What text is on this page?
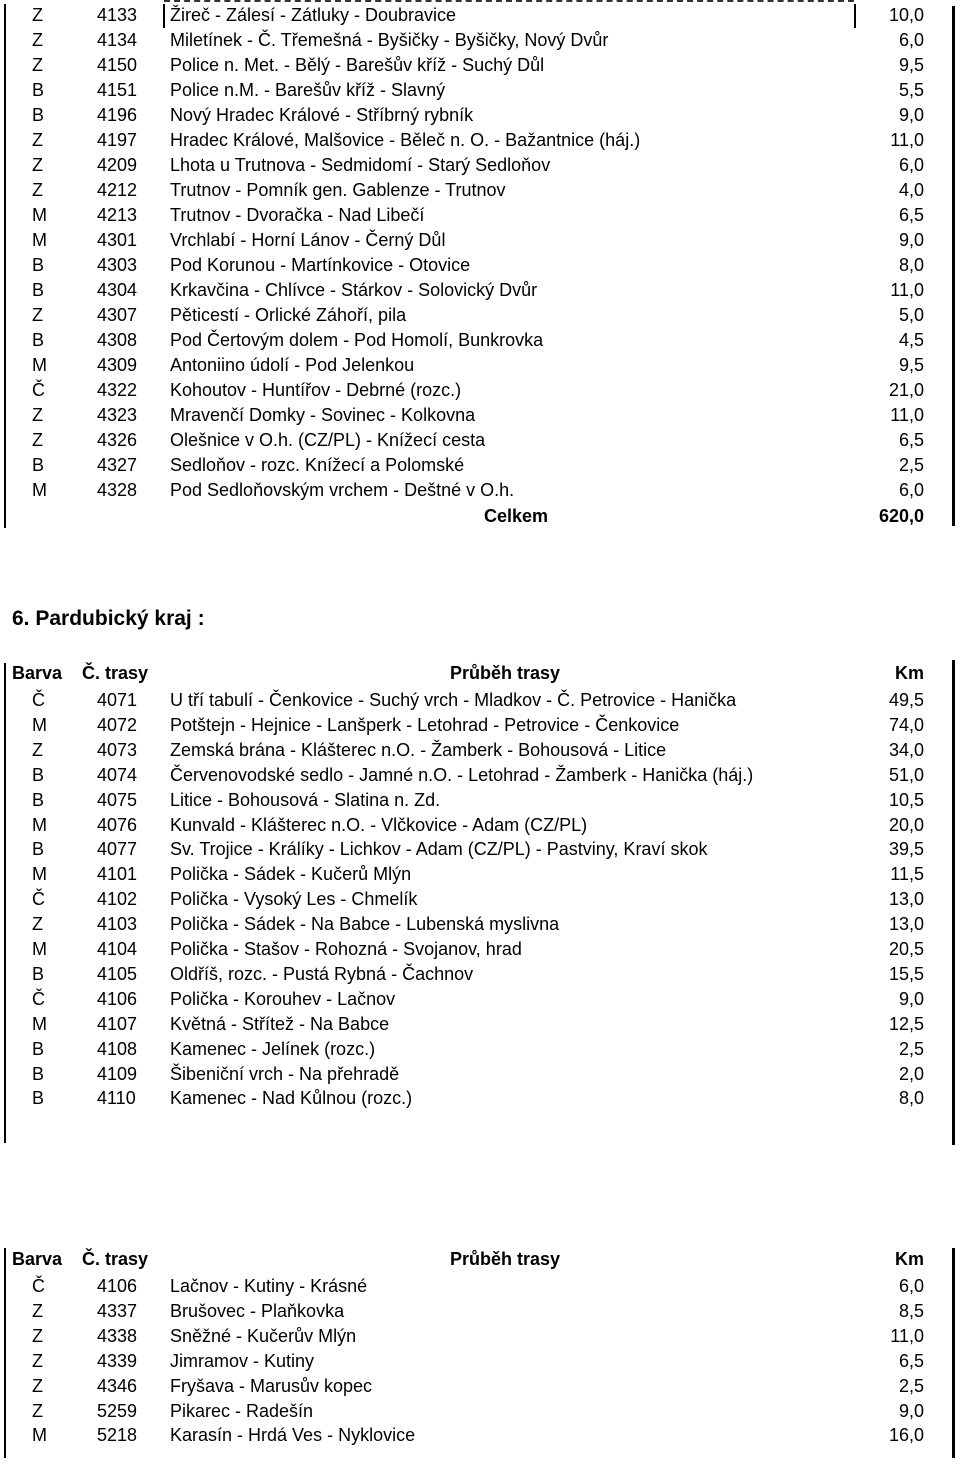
Z	4133 Žireč - Zálesí - Zátluky - Doubravice	10,0
Z	4134 Miletínek - Č. Třemešná - Byšičky - Byšičky, Nový Dvůr	6,0
Z	4150 Police n. Met. - Bělý - Barešův kříž - Suchý Důl	9,5
B	4151 Police n.M. - Barešův kříž - Slavný	5,5
B	4196 Nový Hradec Králové - Stříbrný rybník	9,0
Z	4197 Hradec Králové, Malšovice - Běleč n. O. - Bažantnice (háj.)	11,0
Z	4209 Lhota u Trutnova - Sedmidomí - Starý Sedloňov	6,0
Z	4212 Trutnov - Pomník gen. Gablenze - Trutnov	4,0
M	4213 Trutnov - Dvoračka - Nad Libečí	6,5
M	4301 Vrchlabí - Horní Lánov - Černý Důl	9,0
B	4303 Pod Korunou - Martínkovice - Otovice	8,0
B	4304 Krkavčina - Chlívce - Stárkov - Solovický Dvůr	11,0
Z	4307 Pěticestí - Orlické Záhoří, pila	5,0
B	4308 Pod Čertovým dolem - Pod Homolí, Bunkrovka	4,5
M	4309 Antoniino údolí - Pod Jelenkou	9,5
Č	4322 Kohoutov - Huntířov - Debrné (rozc.)	21,0
Z	4323 Mravenčí Domky - Sovinec - Kolkovna	11,0
Z	4326 Olešnice v O.h. (CZ/PL) - Knížecí cesta	6,5
B	4327 Sedloňov - rozc. Knížecí a Polomské	2,5
M	4328 Pod Sedloňovským vrchem - Deštné v O.h.	6,0
Celkem	620,0
6. Pardubický kraj :
Barva Č. trasy	Průběh trasy	Km
Č	4071 U tří tabulí - Čenkovice - Suchý vrch - Mladkov - Č. Petrovice - Hanička	49,5
M	4072 Potštejn - Hejnice - Lanšperk - Letohrad - Petrovice - Čenkovice	74,0
Z	4073 Zemská brána - Klášterec n.O. - Žamberk - Bohousová - Litice	34,0
B	4074 Červenovodské sedlo - Jamné n.O. - Letohrad - Žamberk - Hanička (háj.)	51,0
B	4075 Litice - Bohousová - Slatina n. Zd.	10,5
M	4076 Kunvald - Klášterec n.O. - Vlčkovice - Adam (CZ/PL)	20,0
B	4077 Sv. Trojice - Králíky - Lichkov - Adam (CZ/PL) - Pastviny, Kraví skok	39,5
M	4101 Polička - Sádek - Kučerů Mlýn	11,5
Č	4102 Polička - Vysoký Les - Chmelík	13,0
Z	4103 Polička - Sádek - Na Babce - Lubenská myslivna	13,0
M	4104 Polička - Stašov - Rohozná - Svojanov, hrad	20,5
B	4105 Oldříš, rozc. - Pustá Rybná - Čachnov	15,5
Č	4106 Polička - Korouhev - Lačnov	9,0
M	4107 Květná - Střítež - Na Babce	12,5
B	4108 Kamenec - Jelínek (rozc.)	2,5
B	4109 Šibeniční vrch - Na přehradě	2,0
B	4110 Kamenec - Nad Kůlnou (rozc.)	8,0
Barva Č. trasy	Průběh trasy	Km
Č	4106 Lačnov - Kutiny - Krásné	6,0
Z	4337 Brušovec - Plaňkovka	8,5
Z	4338 Sněžné - Kučerův Mlýn	11,0
Z	4339 Jimramov - Kutiny	6,5
Z	4346 Fryšava - Marusův kopec	2,5
Z	5259 Pikarec - Radešín	9,0
M	5218 Karasín - Hrdá Ves - Nyklovice	16,0
